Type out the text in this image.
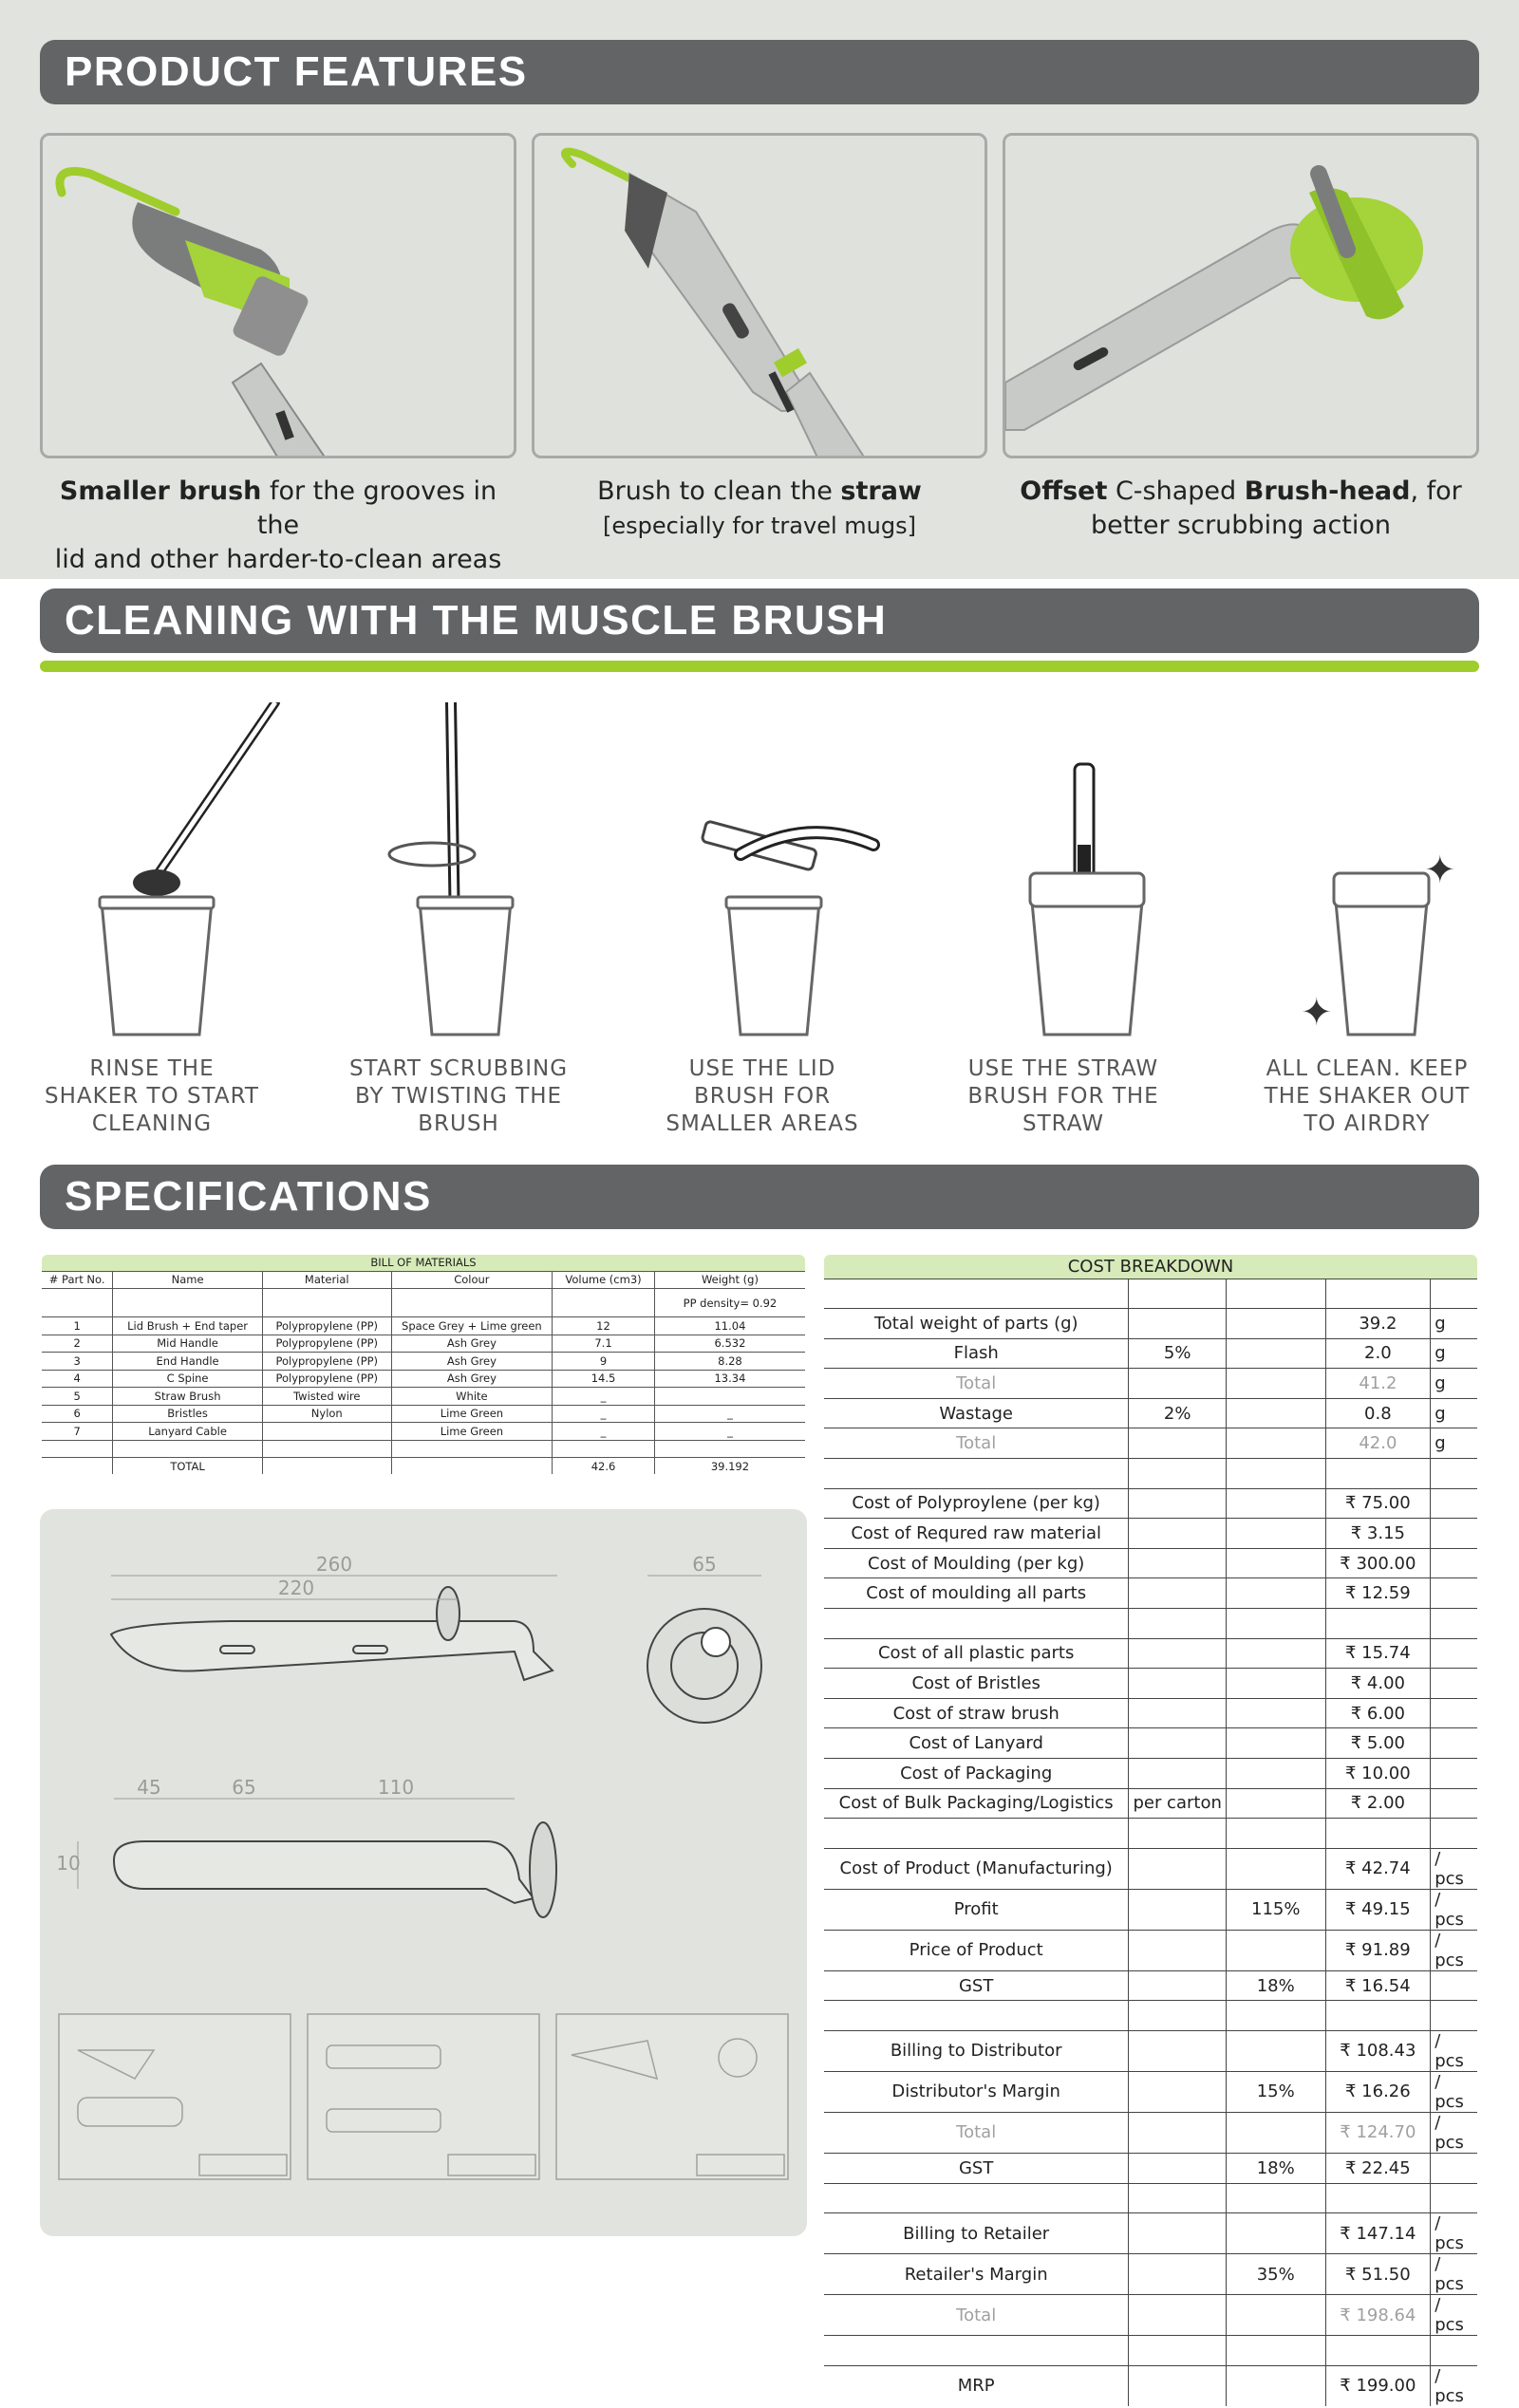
PRODUCT FEATURES
Smaller brush for the grooves in the
lid and other harder-to-clean areas
Brush to clean the straw
[especially for travel mugs]
Offset C-shaped Brush-head, for
better scrubbing action
CLEANING WITH THE MUSCLE BRUSH
✦
✦
RINSE THE
SHAKER TO START
CLEANING
START SCRUBBING
BY TWISTING THE
BRUSH
USE THE LID
BRUSH FOR
SMALLER AREAS
USE THE STRAW
BRUSH FOR THE
STRAW
ALL CLEAN. KEEP
THE SHAKER OUT
TO AIRDRY
SPECIFICATIONS
BILL OF MATERIALS					
# Part No.	Name	Material	Colour	Volume (cm3)	Weight (g)
					PP density= 0.92
1	Lid Brush + End taper	Polypropylene (PP)	Space Grey + Lime green	12	11.04
2	Mid Handle	Polypropylene (PP)	Ash Grey	7.1	6.532
3	End Handle	Polypropylene (PP)	Ash Grey	9	8.28
4	C Spine	Polypropylene (PP)	Ash Grey	14.5	13.34
5	Straw Brush	Twisted wire	White	_	
6	Bristles	Nylon	Lime Green	_	_
7	Lanyard Cable		Lime Green	_	_

	TOTAL			42.6	39.192
COST BREAKDOWN				

Total weight of parts (g)			39.2	g
Flash	5%		2.0	g
Total			41.2	g
Wastage	2%		0.8	g
Total			42.0	g

Cost of Polyproylene (per kg)			₹ 75.00	
Cost of Requred raw material			₹ 3.15	
Cost of Moulding (per kg)			₹ 300.00	
Cost of moulding all parts			₹ 12.59	

Cost of all plastic parts			₹ 15.74	
Cost of Bristles			₹ 4.00	
Cost of straw brush			₹ 6.00	
Cost of Lanyard			₹ 5.00	
Cost of Packaging			₹ 10.00	
Cost of Bulk Packaging/Logistics	per carton		₹ 2.00	

Cost of Product (Manufacturing)			₹ 42.74	/ pcs
Profit		115%	₹ 49.15	/ pcs
Price of Product			₹ 91.89	/ pcs
GST		18%	₹ 16.54	

Billing to Distributor			₹ 108.43	/ pcs
Distributor's Margin		15%	₹ 16.26	/ pcs
Total			₹ 124.70	/ pcs
GST		18%	₹ 22.45	

Billing to Retailer			₹ 147.14	/ pcs
Retailer's Margin		35%	₹ 51.50	/ pcs
Total			₹ 198.64	/ pcs

MRP			₹ 199.00	/ pcs
260
220
65
45	65	110
10
